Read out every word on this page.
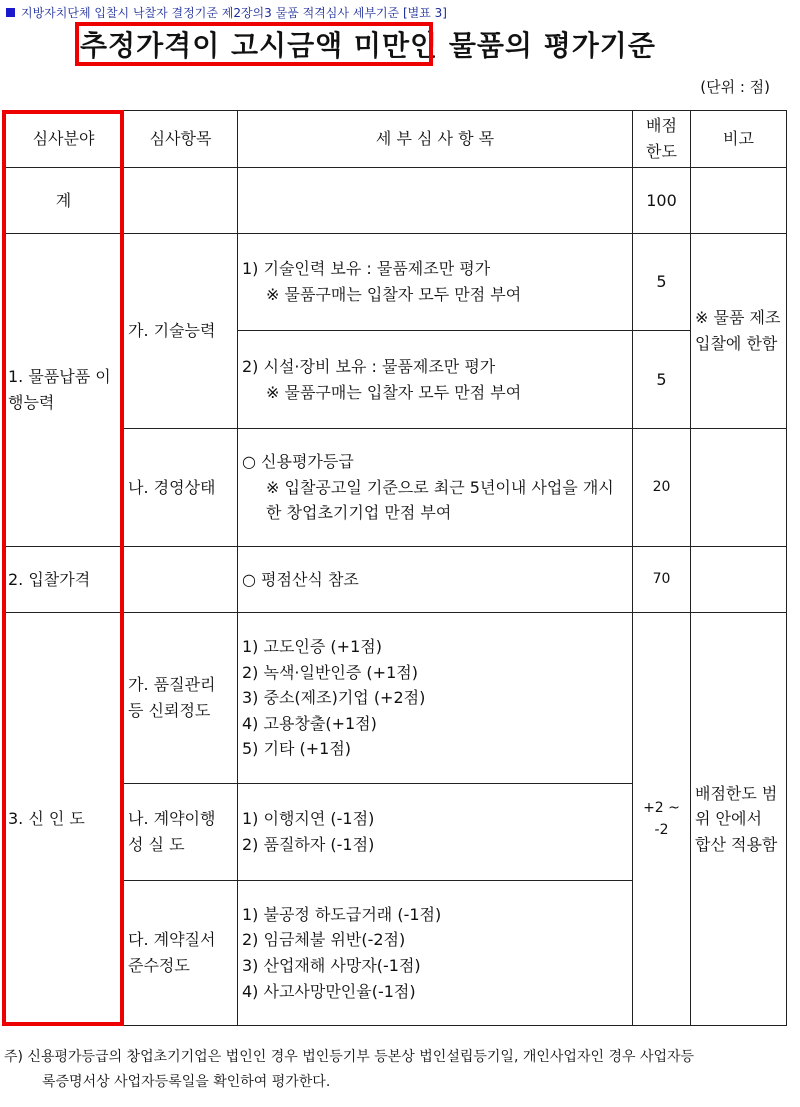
지방자치단체 입찰시 낙찰자 결정기준 제2장의3 물품 적격심사 세부기준 [별표 3]
추정가격이 고시금액 미만인 물품의 평가기준
(단위 : 점)
심사분야	심사항목	세 부 심 사 항 목	배점 한도	비고
계			100	
1. 물품납품 이행능력	가. 기술능력	1) 기술인력 보유 : 물품제조만 평가
※ 물품구매는 입찰자 모두 만점 부여	5	※ 물품 제조 입찰에 한함

		2) 시설·장비 보유 : 물품제조만 평가
※ 물품구매는 입찰자 모두 만점 부여	5	
	나. 경영상태	○ 신용평가등급
※ 입찰공고일 기준으로 최근 5년이내 사업을 개시한 창업초기기업 만점 부여	20	
2. 입찰가격		○ 평점산식 참조	70	
3. 신 인 도	가. 품질관리 등 신뢰정도	1) 고도인증 (+1점)
2) 녹색·일반인증 (+1점)
3) 중소(제조)기업 (+2점)
4) 고용창출(+1점)
5) 기타 (+1점)	+2 ~ -2	배점한도 범위 안에서 합산 적용함
	나. 계약이행 성 실 도	1) 이행지연 (-1점)
2) 품질하자 (-1점)		

	다. 계약질서 준수정도	1) 불공정 하도급거래 (-1점)
2) 임금체불 위반(-2점)
3) 산업재해 사망자(-1점)
4) 사고사망만인율(-1점)		
주) 신용평가등급의 창업초기기업은 법인인 경우 법인등기부 등본상 법인설립등기일, 개인사업자인 경우 사업자등
록증명서상 사업자등록일을 확인하여 평가한다.
